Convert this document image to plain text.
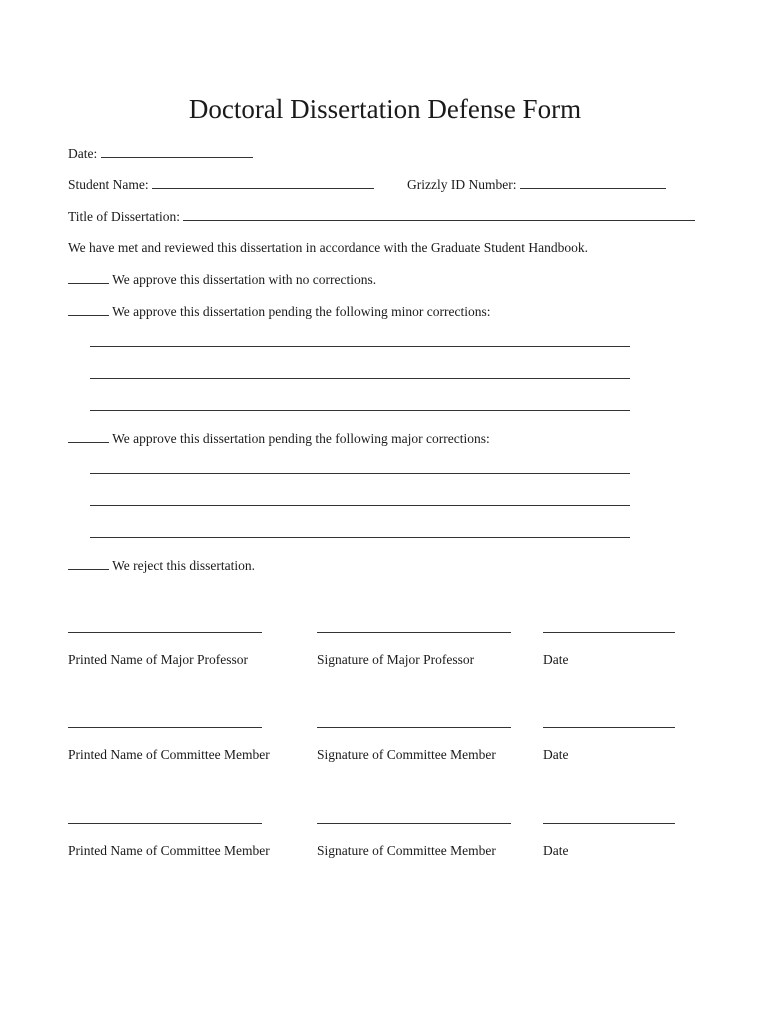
Doctoral Dissertation Defense Form
Date:
Student Name:	Grizzly ID Number:
Title of Dissertation:
We have met and reviewed this dissertation in accordance with the Graduate Student Handbook.
We approve this dissertation with no corrections.
We approve this dissertation pending the following minor corrections:
We approve this dissertation pending the following major corrections:
We reject this dissertation.
Printed Name of Major Professor	Signature of Major Professor	Date
Printed Name of Committee Member	Signature of Committee Member	Date
Printed Name of Committee Member	Signature of Committee Member	Date
